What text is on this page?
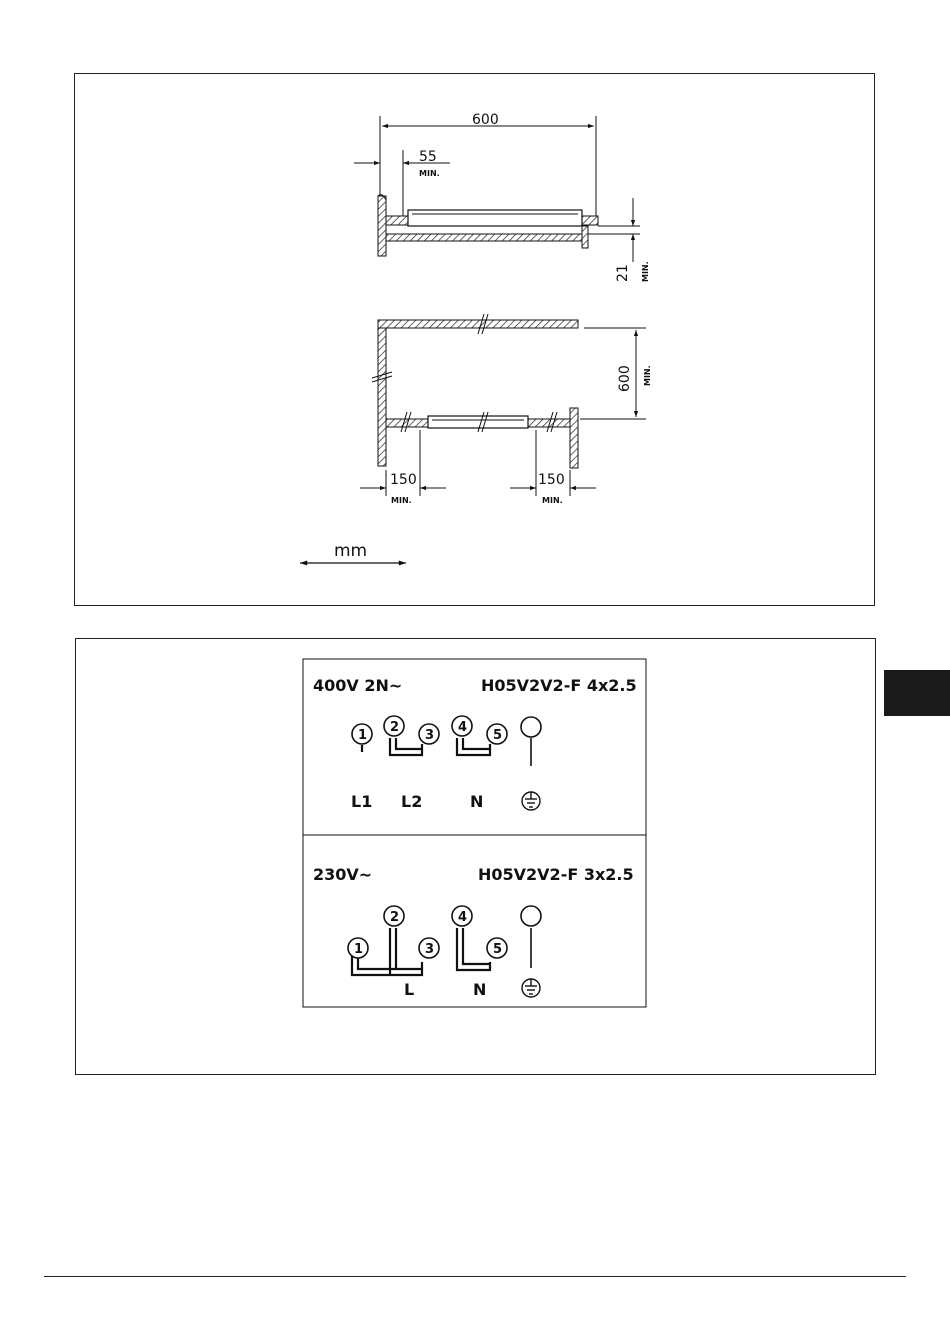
600
55
MIN.
21 MIN.
600 MIN.
150
MIN.
150
MIN.
mm
400V 2N~	H05V2V2-F 4x2.5
1
2
3
4
5
L1 L2	N
230V~	H05V2V2-F 3x2.5
1
2
3
4
5
L	N
